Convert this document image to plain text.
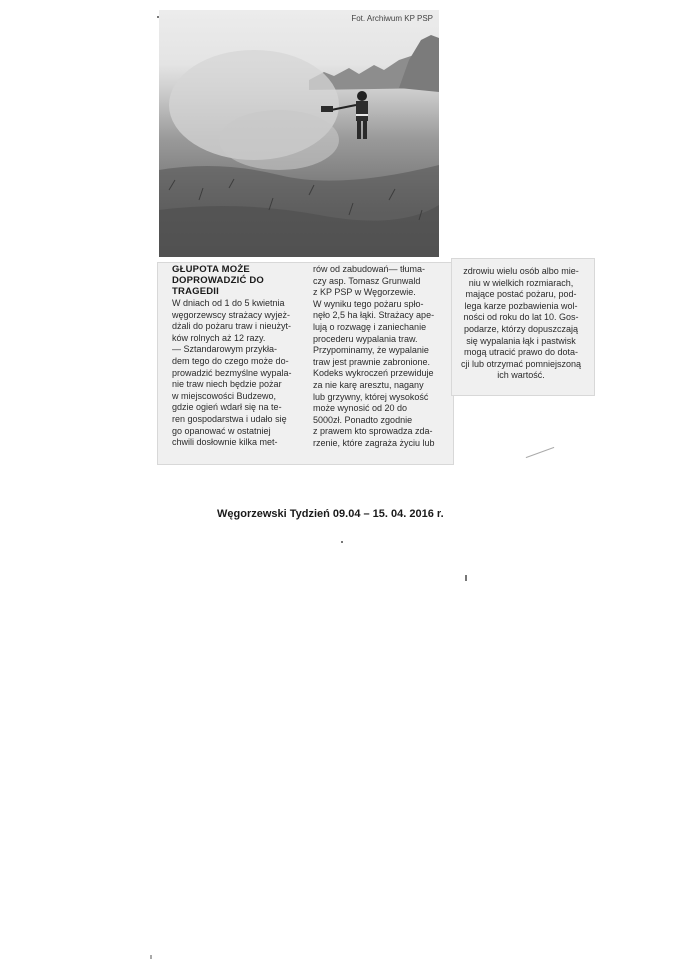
Fot. Archiwum KP PSP
GŁUPOTA MOŻE
DOPROWADZIĆ DO
TRAGEDII
W dniach od 1 do 5 kwietnia
węgorzewscy strażacy wyjeż-
dżali do pożaru traw i nieużyt-
ków rolnych aż 12 razy.
— Sztandarowym przykła-
dem tego do czego może do-
prowadzić bezmyślne wypala-
nie traw niech będzie pożar
w miejscowości Budzewo,
gdzie ogień wdarł się na te-
ren gospodarstwa i udało się
go opanować w ostatniej
chwili dosłownie kilka met-
rów od zabudowań— tłuma-
czy asp. Tomasz Grunwald
z KP PSP w Węgorzewie.
W wyniku tego pożaru spło-
nęło 2,5 ha łąki. Strażacy ape-
lują o rozwagę i zaniechanie
procederu wypalania traw.
Przypominamy, że wypalanie
traw jest prawnie zabronione.
Kodeks wykroczeń przewiduje
za nie karę aresztu, nagany
lub grzywny, której wysokość
może wynosić od 20 do
5000zł. Ponadto zgodnie
z prawem kto sprowadza zda-
rzenie, które zagraża życiu lub
zdrowiu wielu osób albo mie-
niu w wielkich rozmiarach,
mające postać pożaru, pod-
lega karze pozbawienia wol-
ności od roku do lat 10. Gos-
podarze, którzy dopuszczają
się wypalania łąk i pastwisk
mogą utracić prawo do dota-
cji lub otrzymać pomniejszoną
ich wartość.
Węgorzewski Tydzień 09.04 – 15. 04. 2016 r.
